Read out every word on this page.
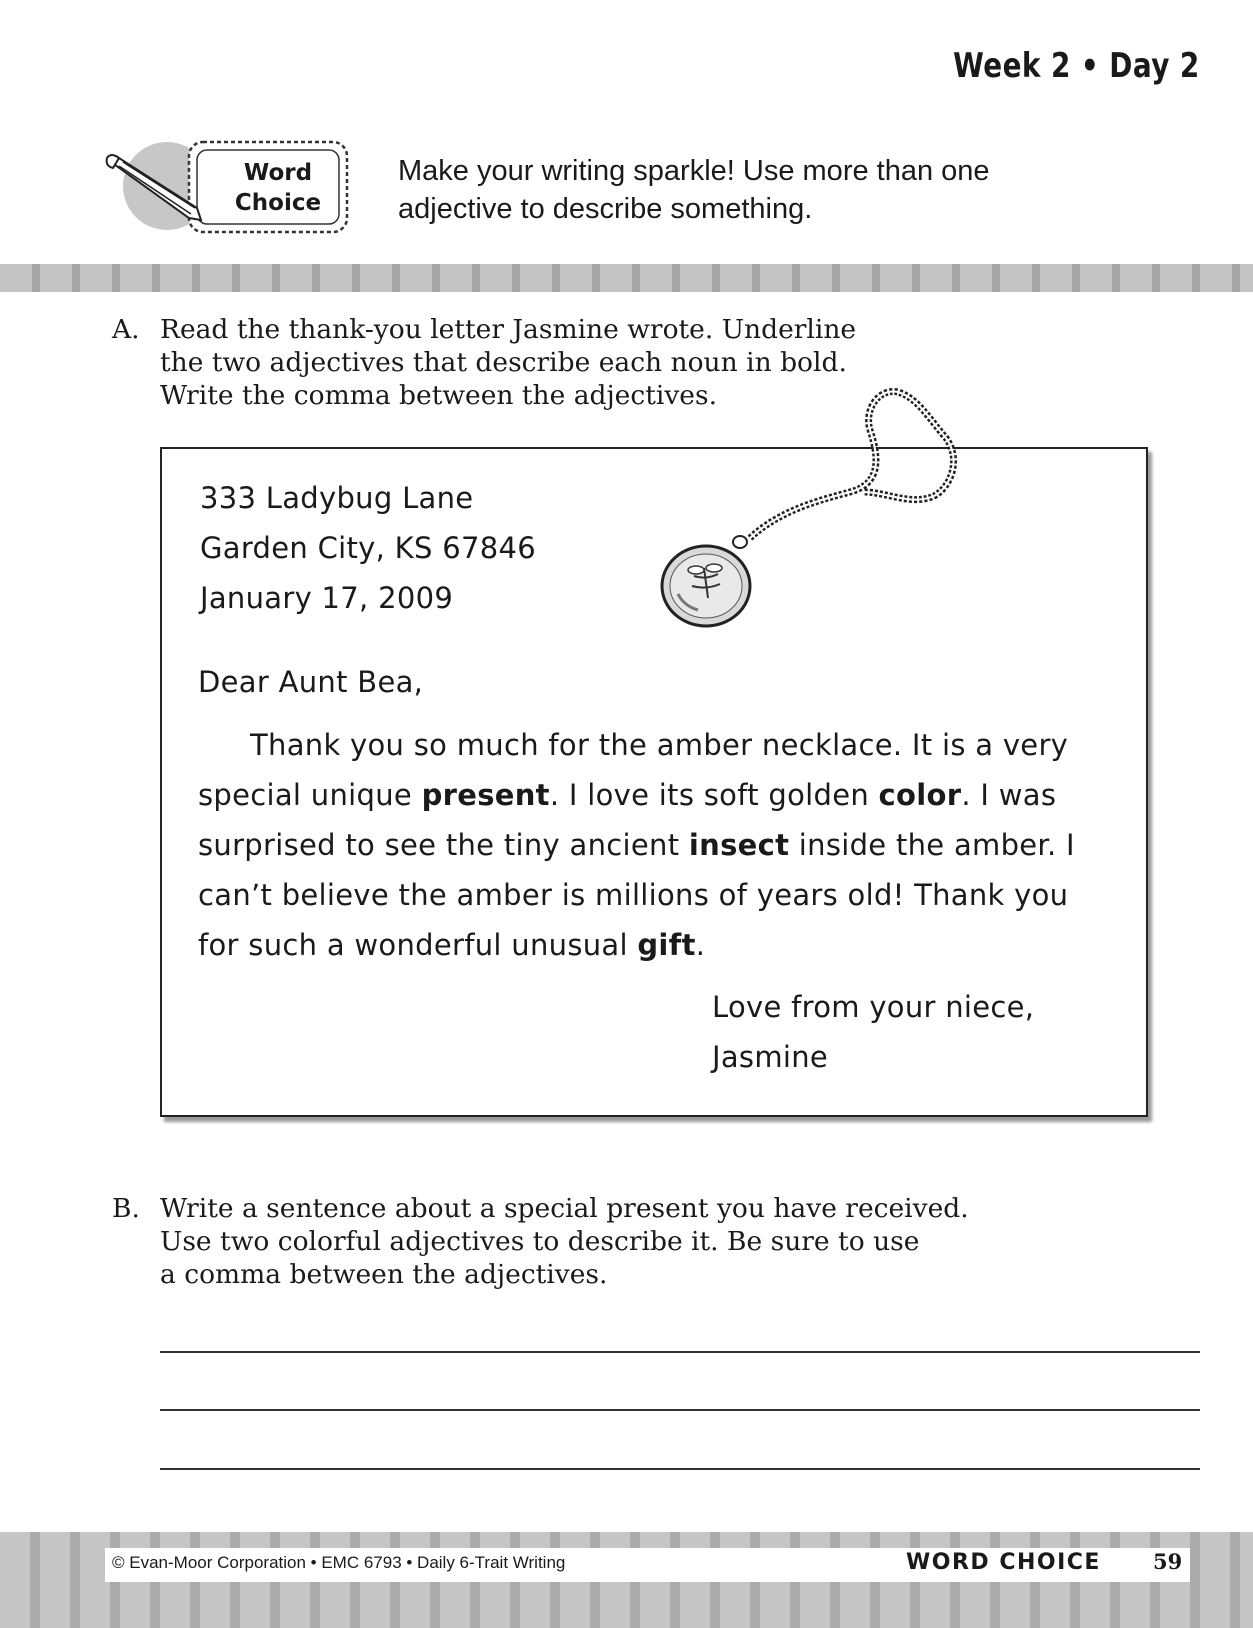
Week 2 • Day 2
Word
Choice
Make your writing sparkle! Use more than one adjective to describe something.
A. Read the thank-you letter Jasmine wrote. Underline
the two adjectives that describe each noun in bold.
Write the comma between the adjectives.
333 Ladybug Lane
Garden City, KS 67846
January 17, 2009
Dear Aunt Bea,
Thank you so much for the amber necklace. It is a very special unique present. I love its soft golden color. I was surprised to see the tiny ancient insect inside the amber. I can’t believe the amber is millions of years old! Thank you for such a wonderful unusual gift.
Love from your niece,
Jasmine
B. Write a sentence about a special present you have received.
Use two colorful adjectives to describe it. Be sure to use
a comma between the adjectives.
© Evan-Moor Corporation • EMC 6793 • Daily 6-Trait Writing	WORD CHOICE 59
